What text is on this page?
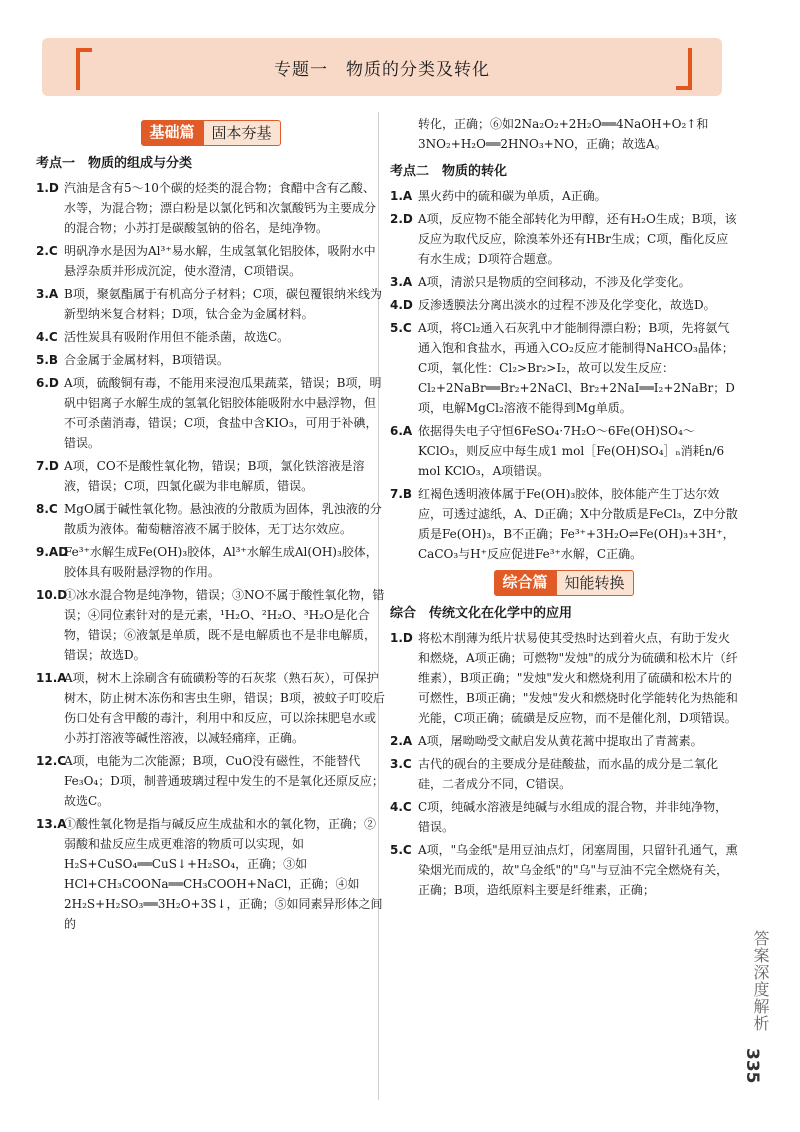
专题一　物质的分类及转化
基础篇	固本夯基
考点一　物质的组成与分类
1.D 汽油是含有5～10个碳的烃类的混合物；食醋中含有乙酸、水等，为混合物；漂白粉是以氯化钙和次氯酸钙为主要成分的混合物；小苏打是碳酸氢钠的俗名，是纯净物。
2.C 明矾净水是因为Al³⁺易水解，生成氢氧化铝胶体，吸附水中悬浮杂质并形成沉淀，使水澄清，C项错误。
3.A B项，聚氨酯属于有机高分子材料；C项，碳包覆银纳米线为新型纳米复合材料；D项，钛合金为金属材料。
4.C 活性炭具有吸附作用但不能杀菌，故选C。
5.B 合金属于金属材料，B项错误。
6.D A项，硫酸铜有毒，不能用来浸泡瓜果蔬菜，错误；B项，明矾中铝离子水解生成的氢氧化铝胶体能吸附水中悬浮物，但不可杀菌消毒，错误；C项，食盐中含KIO₃，可用于补碘，错误。
7.D A项，CO不是酸性氧化物，错误；B项，氯化铁溶液是溶液，错误；C项，四氯化碳为非电解质，错误。
8.C MgO属于碱性氧化物。悬浊液的分散质为固体，乳浊液的分散质为液体。葡萄糖溶液不属于胶体，无丁达尔效应。
9.ADFe³⁺水解生成Fe(OH)₃胶体，Al³⁺水解生成Al(OH)₃胶体，胶体具有吸附悬浮物的作用。
10.D①冰水混合物是纯净物，错误；③NO不属于酸性氧化物，错误；④同位素针对的是元素，¹H₂O、²H₂O、³H₂O是化合物，错误；⑥液氯是单质，既不是电解质也不是非电解质，错误；故选D。
11.AA项，树木上涂刷含有硫磺粉等的石灰浆（熟石灰），可保护树木，防止树木冻伤和害虫生卵，错误；B项，被蚊子叮咬后伤口处有含甲酸的毒汁，利用中和反应，可以涂抹肥皂水或小苏打溶液等碱性溶液，以减轻痛痒，正确。
12.CA项，电能为二次能源；B项，CuO没有磁性，不能替代Fe₃O₄；D项，制普通玻璃过程中发生的不是氧化还原反应；故选C。
13.A①酸性氧化物是指与碱反应生成盐和水的氧化物，正确；②弱酸和盐反应生成更难溶的物质可以实现，如H₂S+CuSO₄══CuS↓+H₂SO₄，正确；③如HCl+CH₃COONa══CH₃COOH+NaCl，正确；④如2H₂S+H₂SO₃══3H₂O+3S↓，正确；⑤如同素异形体之间的
转化，正确；⑥如2Na₂O₂+2H₂O══4NaOH+O₂↑和3NO₂+H₂O══2HNO₃+NO，正确；故选A。
考点二　物质的转化
1.A 黑火药中的硫和碳为单质，A正确。
2.D A项，反应物不能全部转化为甲醇，还有H₂O生成；B项，该反应为取代反应，除溴苯外还有HBr生成；C项，酯化反应有水生成；D项符合题意。
3.A A项，清淤只是物质的空间移动，不涉及化学变化。
4.D 反渗透膜法分离出淡水的过程不涉及化学变化，故选D。
5.C A项，将Cl₂通入石灰乳中才能制得漂白粉；B项，先将氨气通入饱和食盐水，再通入CO₂反应才能制得NaHCO₃晶体；C项，氧化性：Cl₂>Br₂>I₂，故可以发生反应：Cl₂+2NaBr══Br₂+2NaCl、Br₂+2NaI══I₂+2NaBr；D项，电解MgCl₂溶液不能得到Mg单质。
6.A 依据得失电子守恒6FeSO₄·7H₂O～6Fe(OH)SO₄～KClO₃，则反应中每生成1 mol［Fe(OH)SO₄］ₙ消耗n/6 mol KClO₃，A项错误。
7.B 红褐色透明液体属于Fe(OH)₃胶体，胶体能产生丁达尔效应，可透过滤纸，A、D正确；X中分散质是FeCl₃，Z中分散质是Fe(OH)₃，B不正确；Fe³⁺+3H₂O⇌Fe(OH)₃+3H⁺，CaCO₃与H⁺反应促进Fe³⁺水解，C正确。
综合篇	知能转换
综合　传统文化在化学中的应用
1.D 将松木削薄为纸片状易使其受热时达到着火点，有助于发火和燃烧，A项正确；可燃物"发烛"的成分为硫磺和松木片（纤维素），B项正确；"发烛"发火和燃烧利用了硫磺和松木片的可燃性，B项正确；"发烛"发火和燃烧时化学能转化为热能和光能，C项正确；硫磺是反应物，而不是催化剂，D项错误。
2.A A项，屠呦呦受文献启发从黄花蒿中提取出了青蒿素。
3.C 古代的砚台的主要成分是硅酸盐，而水晶的成分是二氧化硅，二者成分不同，C错误。
4.C C项，纯碱水溶液是纯碱与水组成的混合物，并非纯净物，错误。
5.C A项，"乌金纸"是用豆油点灯，闭塞周围，只留针孔通气，熏染烟光而成的，故"乌金纸"的"乌"与豆油不完全燃烧有关，正确；B项，造纸原料主要是纤维素，正确；
答案深度解析
335
